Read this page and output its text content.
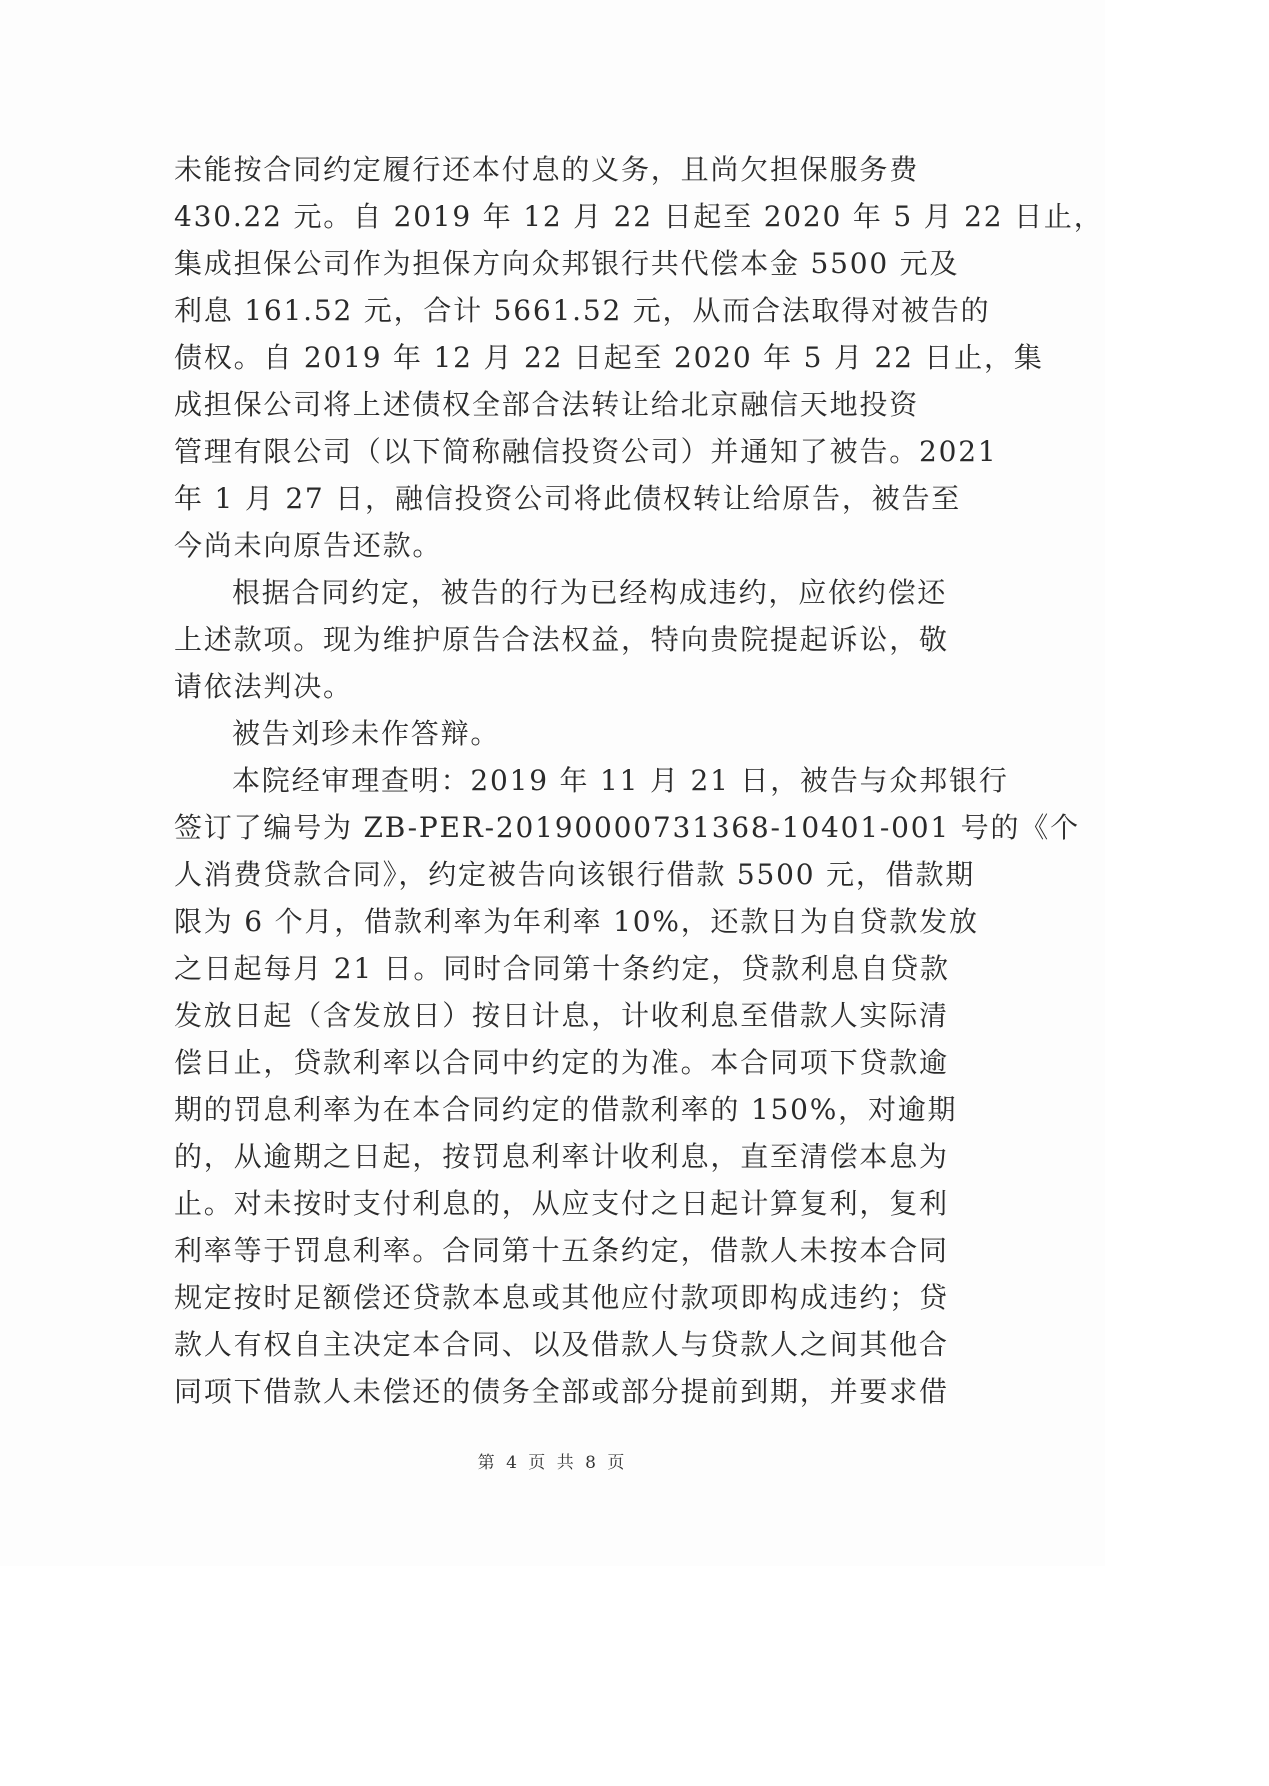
未能按合同约定履行还本付息的义务，且尚欠担保服务费
430.22 元。自 2019 年 12 月 22 日起至 2020 年 5 月 22 日止，
集成担保公司作为担保方向众邦银行共代偿本金 5500 元及
利息 161.52 元，合计 5661.52 元，从而合法取得对被告的
债权。自 2019 年 12 月 22 日起至 2020 年 5 月 22 日止，集
成担保公司将上述债权全部合法转让给北京融信天地投资
管理有限公司（以下简称融信投资公司）并通知了被告。2021
年 1 月 27 日，融信投资公司将此债权转让给原告，被告至
今尚未向原告还款。
根据合同约定，被告的行为已经构成违约，应依约偿还
上述款项。现为维护原告合法权益，特向贵院提起诉讼，敬
请依法判决。
被告刘珍未作答辩。
本院经审理查明：2019 年 11 月 21 日，被告与众邦银行
签订了编号为 ZB-PER-20190000731368-10401-001 号的《个
人消费贷款合同》，约定被告向该银行借款 5500 元，借款期
限为 6 个月，借款利率为年利率 10%，还款日为自贷款发放
之日起每月 21 日。同时合同第十条约定，贷款利息自贷款
发放日起（含发放日）按日计息，计收利息至借款人实际清
偿日止，贷款利率以合同中约定的为准。本合同项下贷款逾
期的罚息利率为在本合同约定的借款利率的 150%，对逾期
的，从逾期之日起，按罚息利率计收利息，直至清偿本息为
止。对未按时支付利息的，从应支付之日起计算复利，复利
利率等于罚息利率。合同第十五条约定，借款人未按本合同
规定按时足额偿还贷款本息或其他应付款项即构成违约；贷
款人有权自主决定本合同、以及借款人与贷款人之间其他合
同项下借款人未偿还的债务全部或部分提前到期，并要求借
第 4 页 共 8 页
